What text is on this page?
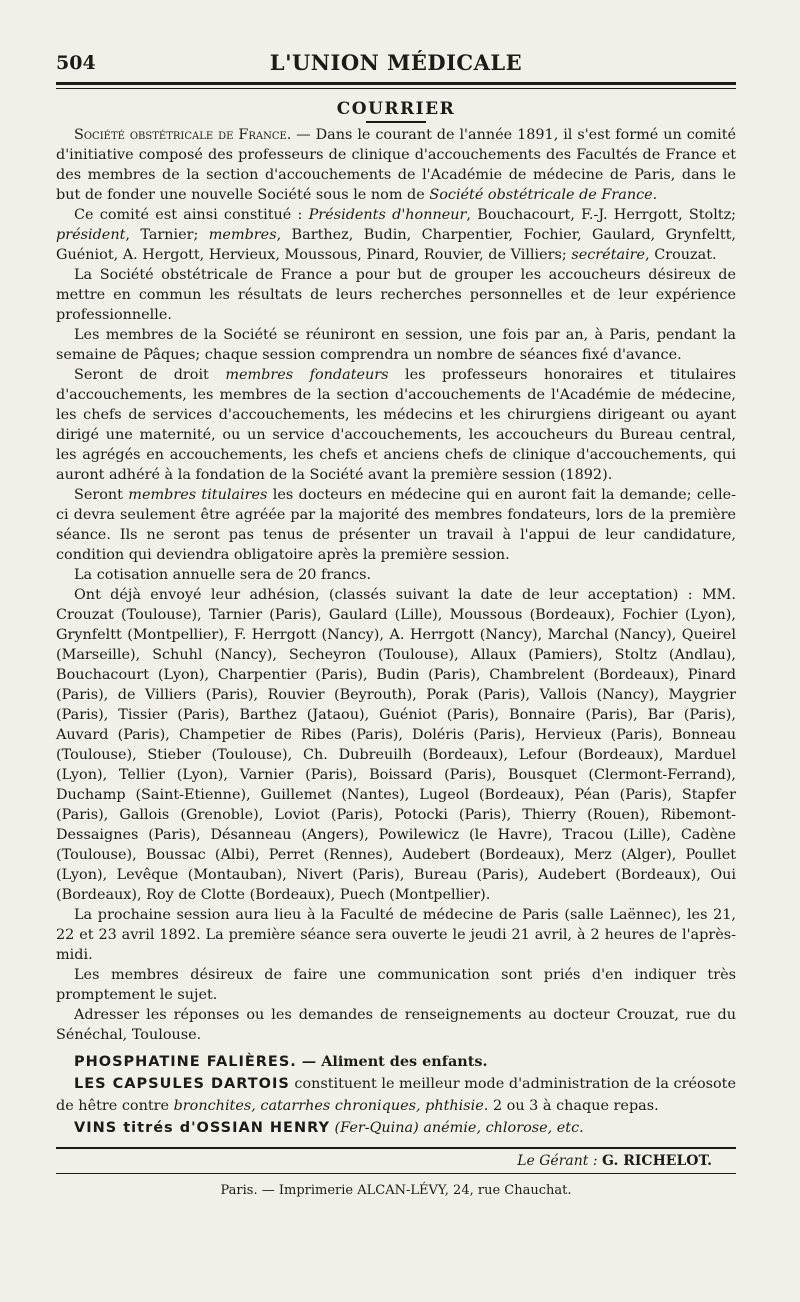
504	L'UNION MÉDICALE
COURRIER

Société obstétricale de France. — Dans le courant de l'année 1891, il s'est formé un comité d'initiative composé des professeurs de clinique d'accouchements des Facultés de France et des membres de la section d'accouchements de l'Académie de médecine de Paris, dans le but de fonder une nouvelle Société sous le nom de Société obstétricale de France.

Ce comité est ainsi constitué : Présidents d'honneur, Bouchacourt, F.-J. Herrgott, Stoltz; président, Tarnier; membres, Barthez, Budin, Charpentier, Fochier, Gaulard, Grynfeltt, Guéniot, A. Hergott, Hervieux, Moussous, Pinard, Rouvier, de Villiers; secrétaire, Crouzat.

La Société obstétricale de France a pour but de grouper les accoucheurs désireux de mettre en commun les résultats de leurs recherches personnelles et de leur expérience professionnelle.

Les membres de la Société se réuniront en session, une fois par an, à Paris, pendant la semaine de Pâques; chaque session comprendra un nombre de séances fixé d'avance.

Seront de droit membres fondateurs les professeurs honoraires et titulaires d'accouchements, les membres de la section d'accouchements de l'Académie de médecine, les chefs de services d'accouchements, les médecins et les chirurgiens dirigeant ou ayant dirigé une maternité, ou un service d'accouchements, les accoucheurs du Bureau central, les agrégés en accouchements, les chefs et anciens chefs de clinique d'accouchements, qui auront adhéré à la fondation de la Société avant la première session (1892).

Seront membres titulaires les docteurs en médecine qui en auront fait la demande; celle-ci devra seulement être agréée par la majorité des membres fondateurs, lors de la première séance. Ils ne seront pas tenus de présenter un travail à l'appui de leur candidature, condition qui deviendra obligatoire après la première session.

La cotisation annuelle sera de 20 francs.

Ont déjà envoyé leur adhésion, (classés suivant la date de leur acceptation) : MM. Crouzat (Toulouse), Tarnier (Paris), Gaulard (Lille), Moussous (Bordeaux), Fochier (Lyon), Grynfeltt (Montpellier), F. Herrgott (Nancy), A. Herrgott (Nancy), Marchal (Nancy), Queirel (Marseille), Schuhl (Nancy), Secheyron (Toulouse), Allaux (Pamiers), Stoltz (Andlau), Bouchacourt (Lyon), Charpentier (Paris), Budin (Paris), Chambrelent (Bordeaux), Pinard (Paris), de Villiers (Paris), Rouvier (Beyrouth), Porak (Paris), Vallois (Nancy), Maygrier (Paris), Tissier (Paris), Barthez (Jataou), Guéniot (Paris), Bonnaire (Paris), Bar (Paris), Auvard (Paris), Champetier de Ribes (Paris), Doléris (Paris), Hervieux (Paris), Bonneau (Toulouse), Stieber (Toulouse), Ch. Dubreuilh (Bordeaux), Lefour (Bordeaux), Marduel (Lyon), Tellier (Lyon), Varnier (Paris), Boissard (Paris), Bousquet (Clermont-Ferrand), Duchamp (Saint-Etienne), Guillemet (Nantes), Lugeol (Bordeaux), Péan (Paris), Stapfer (Paris), Gallois (Grenoble), Loviot (Paris), Potocki (Paris), Thierry (Rouen), Ribemont-Dessaignes (Paris), Désanneau (Angers), Powilewicz (le Havre), Tracou (Lille), Cadène (Toulouse), Boussac (Albi), Perret (Rennes), Audebert (Bordeaux), Merz (Alger), Poullet (Lyon), Levêque (Montauban), Nivert (Paris), Bureau (Paris), Audebert (Bordeaux), Oui (Bordeaux), Roy de Clotte (Bordeaux), Puech (Montpellier).

La prochaine session aura lieu à la Faculté de médecine de Paris (salle Laënnec), les 21, 22 et 23 avril 1892. La première séance sera ouverte le jeudi 21 avril, à 2 heures de l'après-midi.

Les membres désireux de faire une communication sont priés d'en indiquer très promptement le sujet.

Adresser les réponses ou les demandes de renseignements au docteur Crouzat, rue du Sénéchal, Toulouse.

PHOSPHATINE FALIÈRES. — Aliment des enfants.

LES CAPSULES DARTOIS constituent le meilleur mode d'administration de la créosote de hêtre contre bronchites, catarrhes chroniques, phthisie. 2 ou 3 à chaque repas.

VINS titrés d'OSSIAN HENRY (Fer-Quina) anémie, chlorose, etc.

Le Gérant : G. RICHELOT.
Paris. — Imprimerie ALCAN-LÉVY, 24, rue Chauchat.
